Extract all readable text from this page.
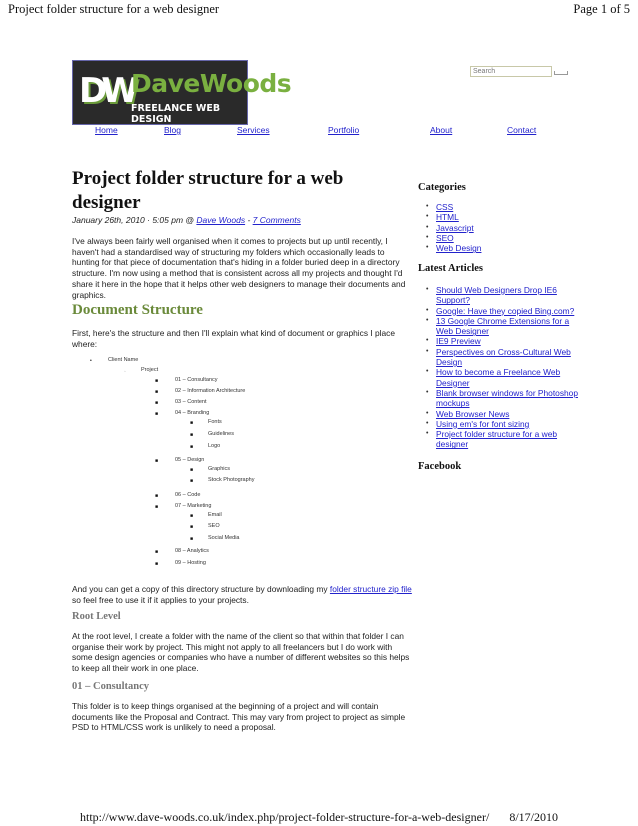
Project folder structure for a web designer	Page 1 of 5
DW
DaveWoods
FREELANCE WEB DESIGN
Search
Home	Blog	Services	Portfolio	About	Contact
Project folder structure for a web designer
January 26th, 2010 · 5:05 pm @ Dave Woods - 7 Comments
I've always been fairly well organised when it comes to projects but up until recently, I haven't had a standardised way of structuring my folders which occasionally leads to hunting for that piece of documentation that's hiding in a folder buried deep in a directory structure. I'm now using a method that is consistent across all my projects and thought I'd share it here in the hope that it helps other web designers to manage their documents and graphics.
Document Structure
First, here's the structure and then I'll explain what kind of document or graphics I place where:
•	Client Name
◦	Project
■	01 – Consultancy
■	02 – Information Architecture
■	03 – Content
■	04 – Branding
■	Fonts
■	Guidelines
■	Logo
■	05 – Design
■	Graphics
■	Stock Photography
■	06 – Code
■	07 – Marketing
■	Email
■	SEO
■	Social Media
■	08 – Analytics
■	09 – Hosting
And you can get a copy of this directory structure by downloading my folder structure zip file so feel free to use it if it applies to your projects.
Root Level
At the root level, I create a folder with the name of the client so that within that folder I can organise their work by project. This might not apply to all freelancers but I do work with some design agencies or companies who have a number of different websites so this helps to keep all their work in one place.
01 – Consultancy
This folder is to keep things organised at the beginning of a project and will contain documents like the Proposal and Contract. This may vary from project to project as simple PSD to HTML/CSS work is unlikely to need a proposal.
Categories
• CSS
• HTML
• Javascript
• SEO
• Web Design
Latest Articles
• Should Web Designers Drop IE6 Support?
• Google: Have they copied Bing.com?
• 13 Google Chrome Extensions for a Web Designer
• IE9 Preview
• Perspectives on Cross-Cultural Web Design
• How to become a Freelance Web Designer
• Blank browser windows for Photoshop mockups
• Web Browser News
• Using em's for font sizing
• Project folder structure for a web designer
Facebook
http://www.dave-woods.co.uk/index.php/project-folder-structure-for-a-web-designer/ 8/17/2010
